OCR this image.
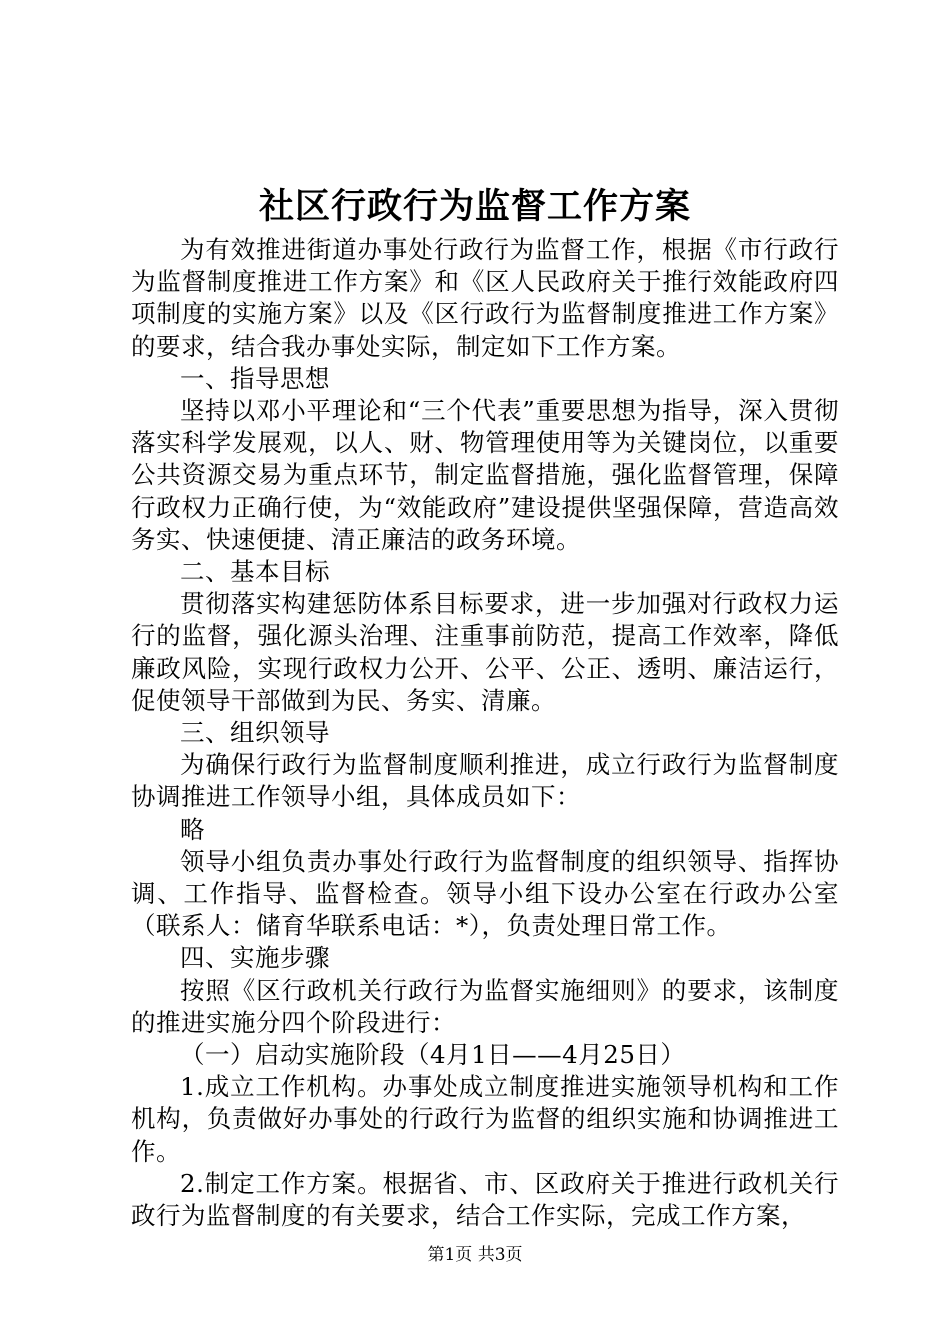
社区行政行为监督工作方案

为有效推进街道办事处行政行为监督工作，根据《市行政行为监督制度推进工作方案》和《区人民政府关于推行效能政府四项制度的实施方案》以及《区行政行为监督制度推进工作方案》的要求，结合我办事处实际，制定如下工作方案。

一、指导思想

坚持以邓小平理论和“三个代表”重要思想为指导，深入贯彻落实科学发展观，以人、财、物管理使用等为关键岗位，以重要公共资源交易为重点环节，制定监督措施，强化监督管理，保障行政权力正确行使，为“效能政府”建设提供坚强保障，营造高效务实、快速便捷、清正廉洁的政务环境。

二、基本目标

贯彻落实构建惩防体系目标要求，进一步加强对行政权力运行的监督，强化源头治理、注重事前防范，提高工作效率，降低廉政风险，实现行政权力公开、公平、公正、透明、廉洁运行，促使领导干部做到为民、务实、清廉。

三、组织领导

为确保行政行为监督制度顺利推进，成立行政行为监督制度协调推进工作领导小组，具体成员如下：

略

领导小组负责办事处行政行为监督制度的组织领导、指挥协调、工作指导、监督检查。领导小组下设办公室在行政办公室（联系人：储育华联系电话：*），负责处理日常工作。

四、实施步骤

按照《区行政机关行政行为监督实施细则》的要求，该制度的推进实施分四个阶段进行：

（一）启动实施阶段（4月1日——4月25日）

1.成立工作机构。办事处成立制度推进实施领导机构和工作机构，负责做好办事处的行政行为监督的组织实施和协调推进工作。

2.制定工作方案。根据省、市、区政府关于推进行政机关行政行为监督制度的有关要求，结合工作实际，完成工作方案，

第1页 共3页
